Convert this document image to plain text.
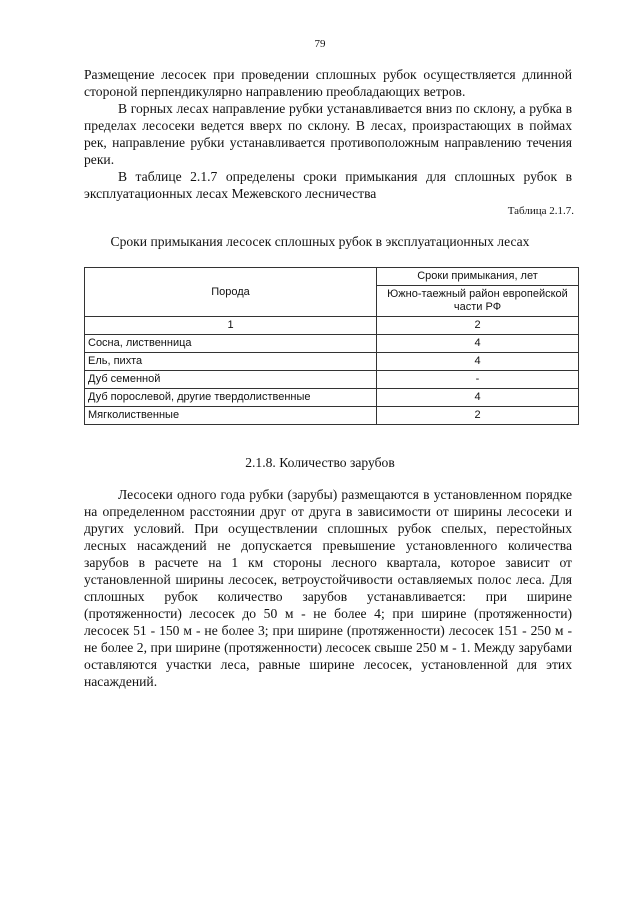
79

Размещение лесосек при проведении сплошных рубок осуществляется длинной стороной перпендикулярно направлению преобладающих ветров.

В горных лесах направление рубки устанавливается вниз по склону, а рубка в пределах лесосеки ведется вверх по склону. В лесах, произрастающих в поймах рек, направление рубки устанавливается противоположным направлению течения реки.

В таблице 2.1.7 определены сроки примыкания для сплошных рубок в эксплуатационных лесах Межевского лесничества

Таблица 2.1.7.
Сроки примыкания лесосек сплошных рубок в эксплуатационных лесах
Порода	Сроки примыкания, лет
	Южно-таежный район европейской части РФ
1	2
Сосна, лиственница	4
Ель, пихта	4
Дуб семенной	-
Дуб порослевой, другие твердолиственные	4
Мягколиственные	2
2.1.8. Количество зарубов

Лесосеки одного года рубки (зарубы) размещаются в установленном порядке на определенном расстоянии друг от друга в зависимости от ширины лесосеки и других условий. При осуществлении сплошных рубок спелых, перестойных лесных насаждений не допускается превышение установленного количества зарубов в расчете на 1 км стороны лесного квартала, которое зависит от установленной ширины лесосек, ветроустойчивости оставляемых полос леса. Для сплошных рубок количество зарубов устанавливается: при ширине (протяженности) лесосек до 50 м - не более 4; при ширине (протяженности) лесосек 51 - 150 м - не более 3; при ширине (протяженности) лесосек 151 - 250 м - не более 2, при ширине (протяженности) лесосек свыше 250 м - 1. Между зарубами оставляются участки леса, равные ширине лесосек, установленной для этих насаждений.
